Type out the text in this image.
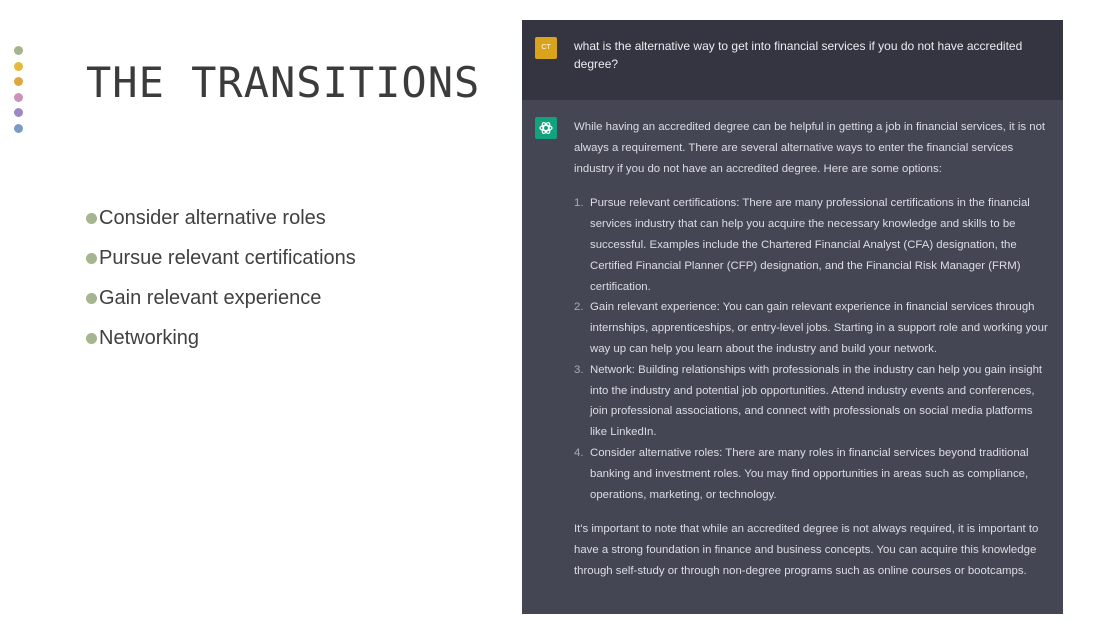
THE TRANSITIONS
Consider alternative roles
Pursue relevant certifications
Gain relevant experience
Networking
CT	what is the alternative way to get into financial services if you do not have accredited degree?

While having an accredited degree can be helpful in getting a job in financial services, it is not always a requirement. There are several alternative ways to enter the financial services industry if you do not have an accredited degree. Here are some options:

1. Pursue relevant certifications: There are many professional certifications in the financial services industry that can help you acquire the necessary knowledge and skills to be successful. Examples include the Chartered Financial Analyst (CFA) designation, the Certified Financial Planner (CFP) designation, and the Financial Risk Manager (FRM) certification.
2. Gain relevant experience: You can gain relevant experience in financial services through internships, apprenticeships, or entry-level jobs. Starting in a support role and working your way up can help you learn about the industry and build your network.
3. Network: Building relationships with professionals in the industry can help you gain insight into the industry and potential job opportunities. Attend industry events and conferences, join professional associations, and connect with professionals on social media platforms like LinkedIn.
4. Consider alternative roles: There are many roles in financial services beyond traditional banking and investment roles. You may find opportunities in areas such as compliance, operations, marketing, or technology.

It's important to note that while an accredited degree is not always required, it is important to have a strong foundation in finance and business concepts. You can acquire this knowledge through self-study or through non-degree programs such as online courses or bootcamps.
